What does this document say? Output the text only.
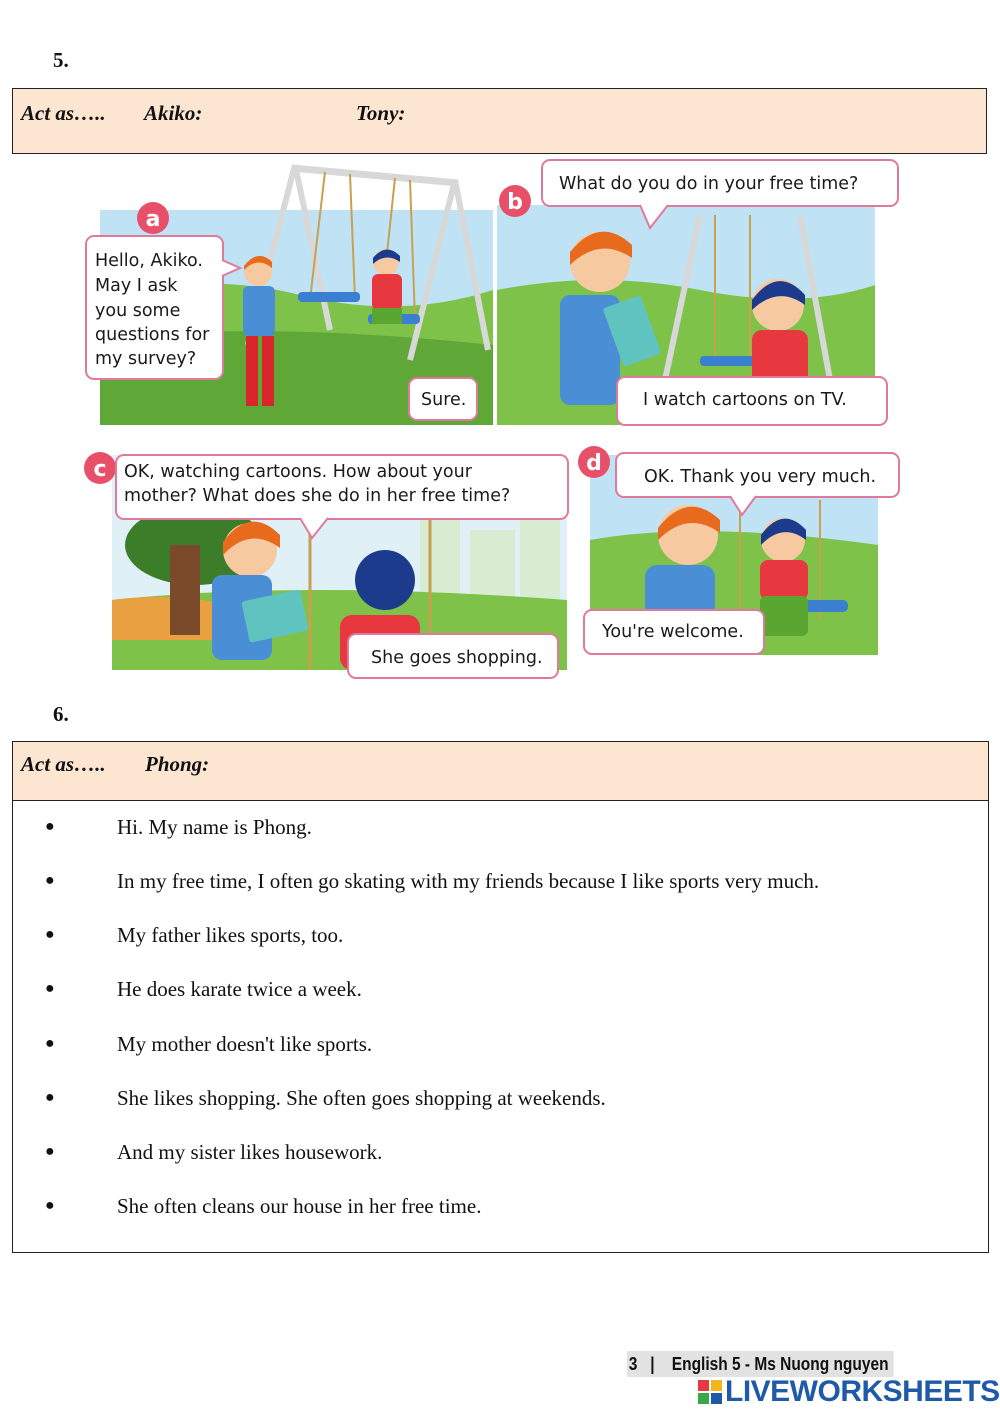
5.
Act as….. Akiko:	Tony:
a
Hello, Akiko.
May I ask
you some
questions for
my survey?
Sure.
b
What do you do in your free time?
I watch cartoons on TV.
c OK, watching cartoons. How about your
mother? What does she do in her free time?
She goes shopping.
d
OK. Thank you very much.
You're welcome.
6.
Act as….. Phong:
●	Hi. My name is Phong.
●	In my free time, I often go skating with my friends because I like sports very much.
●	My father likes sports, too.
●	He does karate twice a week.
●	My mother doesn't like sports.
●	She likes shopping. She often goes shopping at weekends.
●	And my sister likes housework.
●	She often cleans our house in her free time.
3 | English 5 - Ms Nuong nguyen
LIVEWORKSHEETS
